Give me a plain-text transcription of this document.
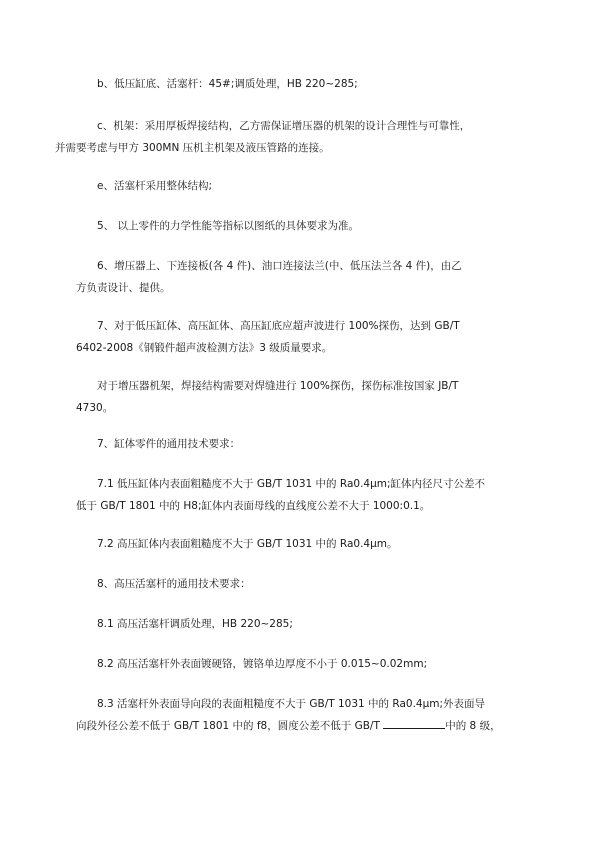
b、低压缸底、活塞杆：45#;调质处理，HB 220~285;

c、机架：采用厚板焊接结构，乙方需保证增压器的机架的设计合理性与可靠性，
并需要考虑与甲方 300MN 压机主机架及液压管路的连接。

e、活塞杆采用整体结构;

5、 以上零件的力学性能等指标以图纸的具体要求为准。

6、增压器上、下连接板(各 4 件)、油口连接法兰(中、低压法兰各 4 件)，由乙
方负责设计、提供。

7、对于低压缸体、高压缸体、高压缸底应超声波进行 100%探伤，达到 GB/T
6402-2008《钢锻件超声波检测方法》3 级质量要求。

对于增压器机架，焊接结构需要对焊缝进行 100%探伤，探伤标准按国家 JB/T
4730。

7、缸体零件的通用技术要求：

7.1 低压缸体内表面粗糙度不大于 GB/T 1031 中的 Ra0.4μm;缸体内径尺寸公差不
低于 GB/T 1801 中的 H8;缸体内表面母线的直线度公差不大于 1000:0.1。

7.2 高压缸体内表面粗糙度不大于 GB/T 1031 中的 Ra0.4μm。

8、高压活塞杆的通用技术要求：

8.1 高压活塞杆调质处理，HB 220~285;

8.2 高压活塞杆外表面镀硬铬，镀铬单边厚度不小于 0.015~0.02mm;

8.3 活塞杆外表面导向段的表面粗糙度不大于 GB/T 1031 中的 Ra0.4μm;外表面导
向段外径公差不低于 GB/T 1801 中的 f8，圆度公差不低于 GB/T	中的 8 级，
